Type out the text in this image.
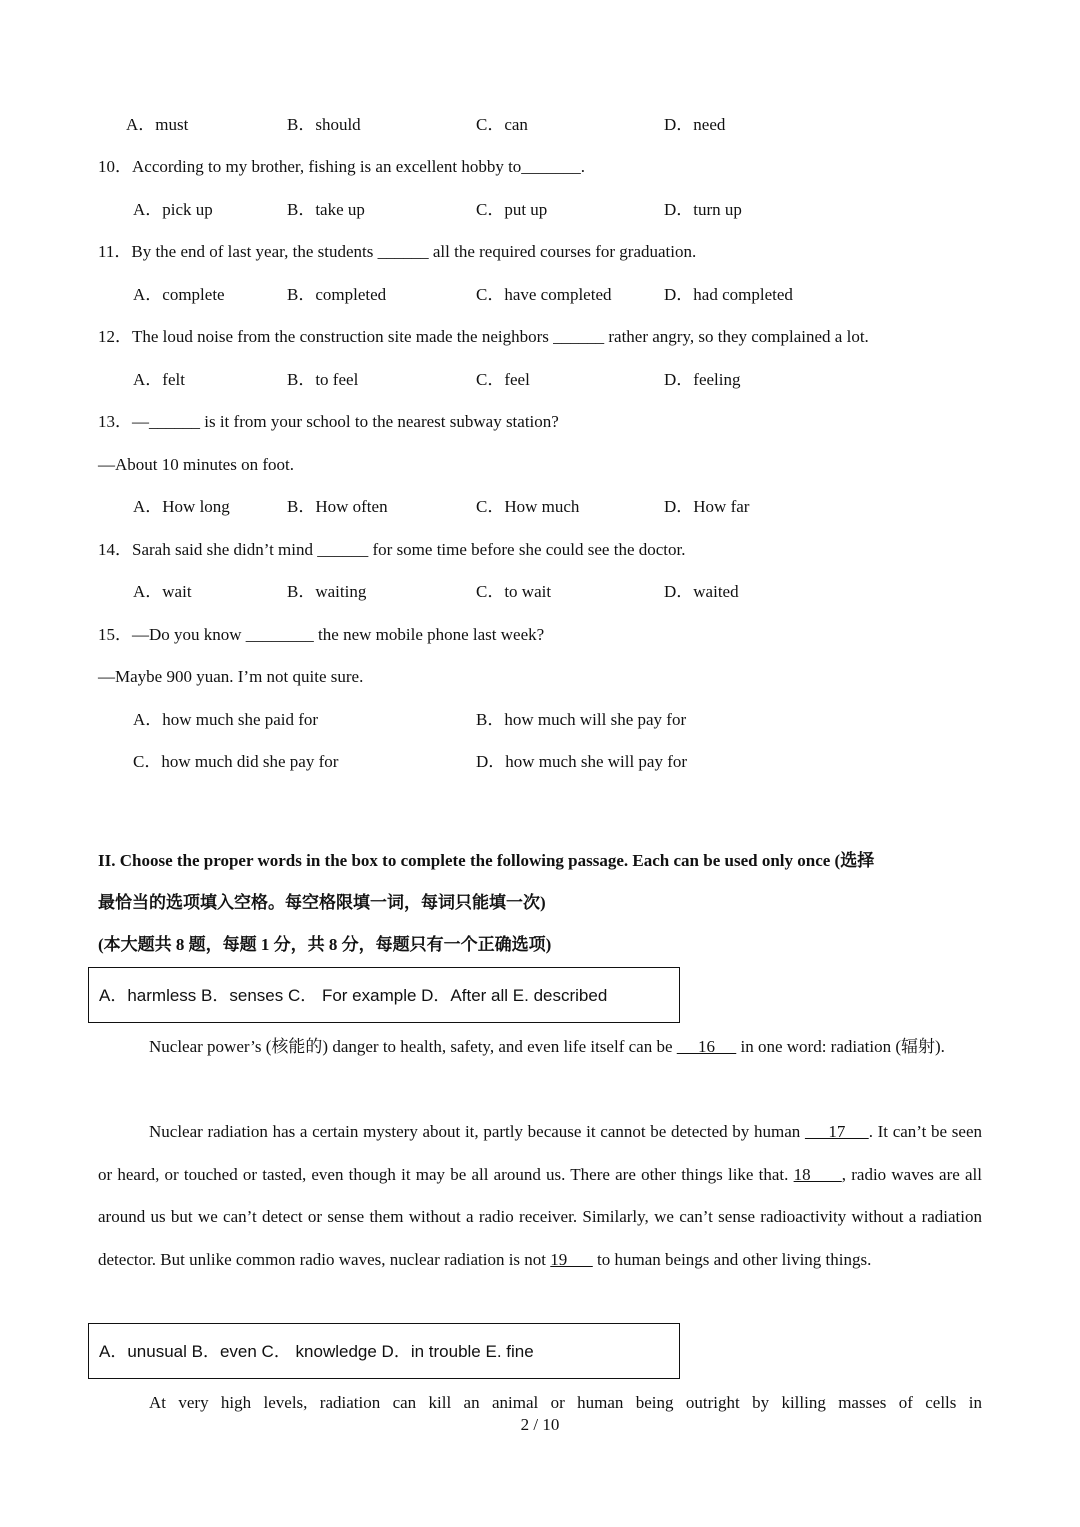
A．must	B．should	C．can	D．need
10．According to my brother, fishing is an excellent hobby to_______.
A．pick up	B．take up	C．put up	D．turn up
11．By the end of last year, the students ______ all the required courses for graduation.
A．complete	B．completed	C．have completed	D．had completed
12．The loud noise from the construction site made the neighbors ______ rather angry, so they complained a lot.
A．felt	B．to feel	C．feel	D．feeling
13．—______ is it from your school to the nearest subway station?
—About 10 minutes on foot.
A．How long	B．How often	C．How much	D．How far
14．Sarah said she didn’t mind ______ for some time before she could see the doctor.
A．wait	B．waiting	C．to wait	D．waited
15．—Do you know ________ the new mobile phone last week?
—Maybe 900 yuan. I’m not quite sure.
A．how much she paid for	B．how much will she pay for
C．how much did she pay for	D．how much she will pay for
II. Choose the proper words in the box to complete the following passage. Each can be used only once (选择
最恰当的选项填入空格。每空格限填一词，每词只能填一次)
(本大题共 8 题，每题 1 分，共 8 分，每题只有一个正确选项)
A．harmless B．senses C． For example D．After all E. described
Nuclear power’s (核能的) danger to health, safety, and even life itself can be      16      in one word: radiation (辐射).
Nuclear radiation has a certain mystery about it, partly because it cannot be detected by human      17     . It can’t be seen or heard, or touched or tasted, even though it may be all around us. There are other things like that. 18      , radio waves are all around us but we can’t detect or sense them without a radio receiver. Similarly, we can’t sense radioactivity without a radiation detector. But unlike common radio waves, nuclear radiation is not 19       to human beings and other living things.
A．unusual B．even C． knowledge D．in trouble E. fine
At very high levels, radiation can kill an animal or human being outright by killing masses of cells in
2 / 10
